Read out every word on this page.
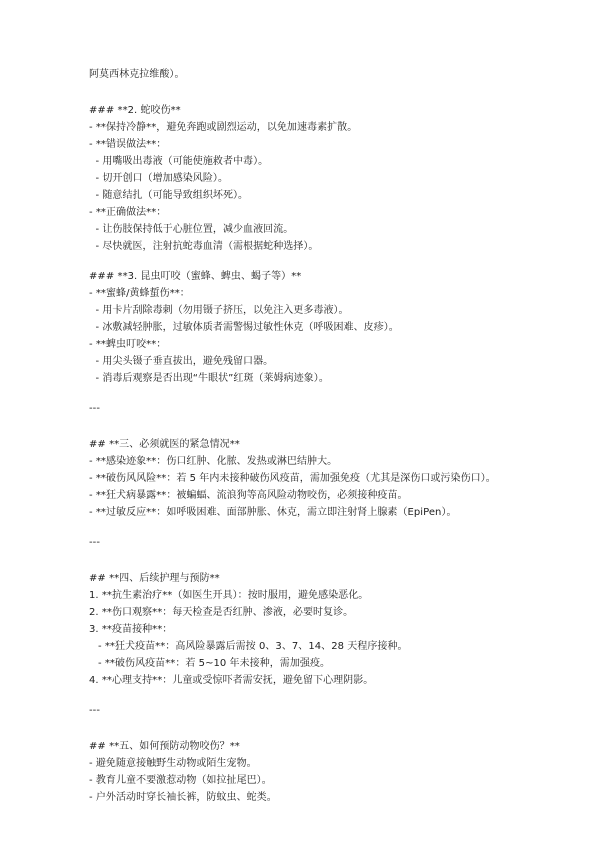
阿莫西林克拉维酸）。
### **2. 蛇咬伤**
- **保持冷静**，避免奔跑或剧烈运动，以免加速毒素扩散。
- **错误做法**：
- 用嘴吸出毒液（可能使施救者中毒）。
- 切开创口（增加感染风险）。
- 随意结扎（可能导致组织坏死）。
- **正确做法**：
- 让伤肢保持低于心脏位置，减少血液回流。
- 尽快就医，注射抗蛇毒血清（需根据蛇种选择）。
### **3. 昆虫叮咬（蜜蜂、蜱虫、蝎子等）**
- **蜜蜂/黄蜂蜇伤**：
- 用卡片刮除毒刺（勿用镊子挤压，以免注入更多毒液）。
- 冰敷减轻肿胀，过敏体质者需警惕过敏性休克（呼吸困难、皮疹）。
- **蜱虫叮咬**：
- 用尖头镊子垂直拔出，避免残留口器。
- 消毒后观察是否出现“牛眼状”红斑（莱姆病迹象）。
---
## **三、必须就医的紧急情况**
- **感染迹象**：伤口红肿、化脓、发热或淋巴结肿大。
- **破伤风风险**：若 5 年内未接种破伤风疫苗，需加强免疫（尤其是深伤口或污染伤口）。
- **狂犬病暴露**：被蝙蝠、流浪狗等高风险动物咬伤，必须接种疫苗。
- **过敏反应**：如呼吸困难、面部肿胀、休克，需立即注射肾上腺素（EpiPen）。
---
## **四、后续护理与预防**
1. **抗生素治疗**（如医生开具）：按时服用，避免感染恶化。
2. **伤口观察**：每天检查是否红肿、渗液，必要时复诊。
3. **疫苗接种**：
- **狂犬疫苗**：高风险暴露后需按 0、3、7、14、28 天程序接种。
- **破伤风疫苗**：若 5~10 年未接种，需加强疫。
4. **心理支持**：儿童或受惊吓者需安抚，避免留下心理阴影。
---
## **五、如何预防动物咬伤？**
- 避免随意接触野生动物或陌生宠物。
- 教育儿童不要激惹动物（如拉扯尾巴）。
- 户外活动时穿长袖长裤，防蚊虫、蛇类。
